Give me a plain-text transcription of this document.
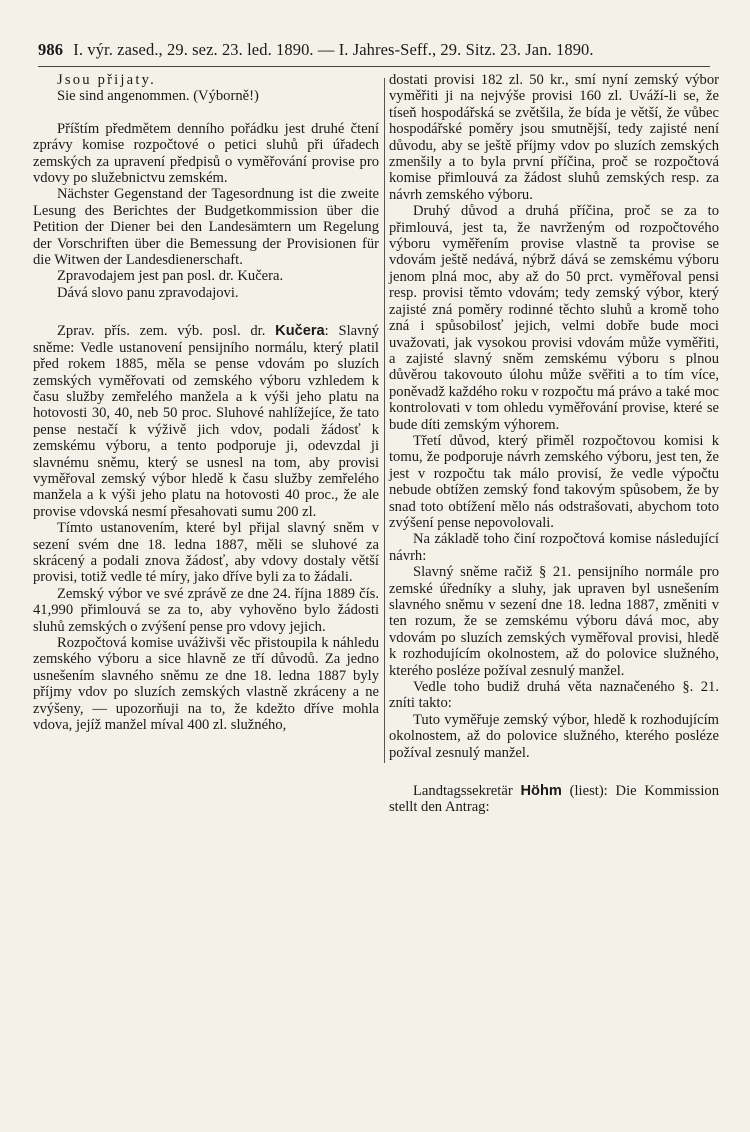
986 I. výr. zased., 29. sez. 23. led. 1890. — I. Jahres-Seff., 29. Sitz. 23. Jan. 1890.

Jsou přijaty.

Sie sind angenommen. (Výborně!)

Příštím předmětem denního pořádku jest druhé čtení zprávy komise rozpočtové o petici sluhů při úřadech zemských za upravení předpisů o vyměřování provise pro vdovy po služebnictvu zemském.

Nächster Gegenstand der Tagesordnung ist die zweite Lesung des Berichtes der Budgetkommission über die Petition der Diener bei den Landesämtern um Regelung der Vorschriften über die Bemessung der Provisionen für die Witwen der Landesdienerschaft.

Zpravodajem jest pan posl. dr. Kučera.

Dává slovo panu zpravodajovi.

Zprav. přís. zem. výb. posl. dr. Kučera: Slavný sněme: Vedle ustanovení pensijního normálu, který platil před rokem 1885, měla se pense vdovám po sluzích zemských vyměřovati od zemského výboru vzhledem k času služby zemřelého manžela a k výši jeho platu na hotovosti 30, 40, neb 50 proc. Sluhové nahlížejíce, že tato pense nestačí k výživě jich vdov, podali žádosť k zemskému výboru, a tento podporuje ji, odevzdal ji slavnému sněmu, který se usnesl na tom, aby provisi vyměřoval zemský výbor hledě k času služby zemřelého manžela a k výši jeho platu na hotovosti 40 proc., že ale provise vdovská nesmí přesahovati sumu 200 zl.

Tímto ustanovením, které byl přijal slavný sněm v sezení svém dne 18. ledna 1887, měli se sluhové za skrácený a podali znova žádosť, aby vdovy dostaly větší provisi, totiž vedle té míry, jako dříve byli za to žádali.

Zemský výbor ve své zprávě ze dne 24. října 1889 čís. 41,990 přimlouvá se za to, aby vyhověno bylo žádosti sluhů zemských o zvýšení pense pro vdovy jejich.

Rozpočtová komise uváživši věc přistoupila k náhledu zemského výboru a sice hlavně ze tří důvodů. Za jedno usnešením slavného sněmu ze dne 18. ledna 1887 byly příjmy vdov po sluzích zemských vlastně zkráceny a ne zvýšeny, — upozorňuji na to, že kdežto dříve mohla vdova, jejíž manžel míval 400 zl. služného,

dostati provisi 182 zl. 50 kr., smí nyní zemský výbor vyměřiti ji na nejvýše provisi 160 zl. Uváží-li se, že tíseň hospodářská se zvětšila, že bída je větší, že vůbec hospodářské poměry jsou smutnější, tedy zajisté není důvodu, aby se ještě příjmy vdov po sluzích zemských zmenšily a to byla první příčina, proč se rozpočtová komise přimlouvá za žádost sluhů zemských resp. za návrh zemského výboru.

Druhý důvod a druhá příčina, proč se za to přimlouvá, jest ta, že navrženým od rozpočtového výboru vyměřením provise vlastně ta provise se vdovám ještě nedává, nýbrž dává se zemskému výboru jenom plná moc, aby až do 50 prct. vyměřoval pensi resp. provisi těmto vdovám; tedy zemský výbor, který zajisté zná poměry rodinné těchto sluhů a kromě toho zná i spůsobilosť jejich, velmi dobře bude moci uvažovati, jak vysokou provisi vdovám může vyměřiti, a zajisté slavný sněm zemskému výboru s plnou důvěrou takovouto úlohu může svěřiti a to tím více, poněvadž každého roku v rozpočtu má právo a také moc kontrolovati v tom ohledu vyměřování provise, které se bude díti zemským výhorem.

Třetí důvod, který přiměl rozpočtovou komisi k tomu, že podporuje návrh zemského výboru, jest ten, že jest v rozpočtu tak málo provisí, že vedle výpočtu nebude obtížen zemský fond takovým spůsobem, že by snad toto obtížení mělo nás odstrašovati, abychom toto zvýšení pense nepovolovali.

Na základě toho činí rozpočtová komise následující návrh:

Slavný sněme račiž § 21. pensijního normále pro zemské úředníky a sluhy, jak upraven byl usnešením slavného sněmu v sezení dne 18. ledna 1887, změniti v ten rozum, že se zemskému výboru dává moc, aby vdovám po sluzích zemských vyměřoval provisi, hledě k rozhodujícím okolnostem, až do polovice služného, kterého posléze požíval zesnulý manžel.

Vedle toho budiž druhá věta naznačeného §. 21. zníti takto:

Tuto vyměřuje zemský výbor, hledě k rozhodujícím okolnostem, až do polovice služného, kterého posléze požíval zesnulý manžel.

Landtagssekretär Höhm (liest): Die Kommission stellt den Antrag:
